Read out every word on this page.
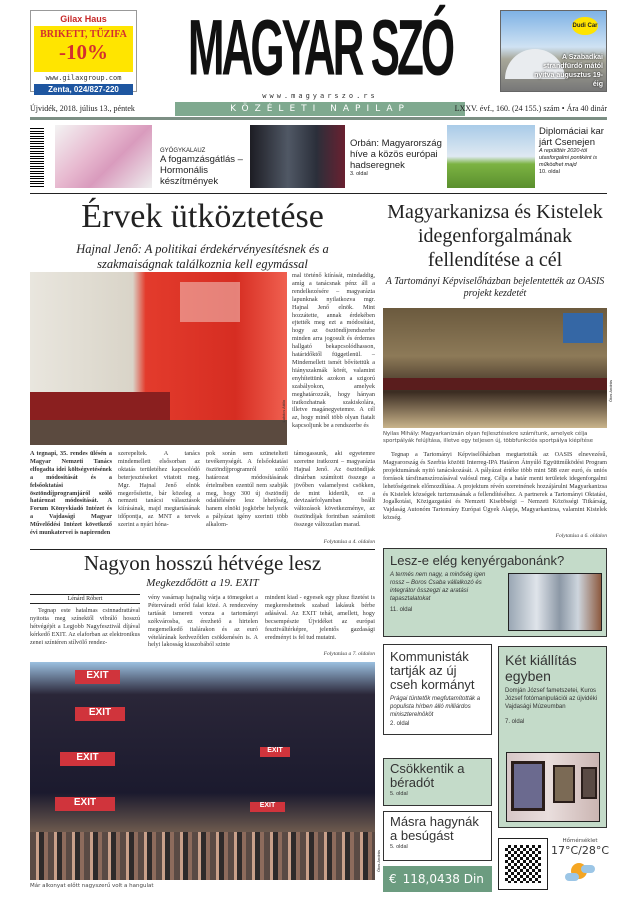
Gilax Haus
BRIKETT, TŰZIFA
-10%
www.gilaxgroup.com
Zenta, 024/827-220	MAGYAR SZÓ	Dudi Car
A Szabadkai strandfürdő mától nyitva augusztus 19-éig
www.magyarszo.rs
Újvidék, 2018. július 13., péntek	KÖZÉLETI NAPILAP	LXXV. évf., 160. (24 155.) szám • Ára 40 dinár
GYÓGYKALAUZ
A fogamzásgátlás – Hormonális készítmények
Orbán: Magyarország híve a közös európai hadseregnek
3. oldal
Diplomáciai kar járt Csenejen
A repülőtér 2020-tól utasforgalmi pontként is működhet majd
10. oldal
Érvek ütköztetése
Hajnal Jenő: A politikai érdekérvényesítésnek és a szakmaiságnak találkoznia kell egymással
Lukács Attila
mal történő kiírását, mindaddig, amíg a tanácsnak pénz áll a rendelkezésére – magyarázta lapunknak nyilatkozva mgr. Hajnal Jenő elnök. Mint hozzátette, annak érdekében ejtették meg ezt a módosítást, hogy az ösztöndíjrendszerbe minden arra jogosult és érdemes hallgató bekapcsolódhasson, határidőktől függetlenül. – Mindemellett ismét bővítettük a hiányszakmák körét, valamint enyhítettünk azokon a szigorú szabályokon, amelyek meghatározzák, hogy hányan iratkozhatnak szakiskolára, illetve magánegyetemre. A cél az, hogy minél több olyan fiatalt kapcsoljunk be a rendszerbe és
A tegnapi, 35. rendes ülésén a Magyar Nemzeti Tanács elfogadta idei költségvetésének a módosítását és a felsőoktatási ösztöndíjprogramjáról szóló határozat módosítását. A Forum Könyvkiadó Intézet és a Vajdasági Magyar Művelődési Intézet következő évi munkatervei is napirenden
szerepeltek. A tanács mindemellett elsősorban az oktatás területéhez kapcsolódó beterjesztéseket vitatott meg. Mgr. Hajnal Jenő elnök megerősítette, bár közeleg a nemzeti tanácsi választások kiírásának, majd megtartásának időpontja, az MNT a tervek szerint a nyári hóna-
pok során sem szünetelteti tevékenységét. A felsőoktatási ösztöndíjprogramról szóló határozat módosításának értelmében ezentúl nem szabják meg, hogy 300 új ösztöndíj odaítélésére lesz lehetőség, hanem elnöki jogkörbe helyezik a pályázat igény szerinti több alkalom-
támogassunk, aki egyetemre szeretne iratkozni – magyarázta Hajnal Jenő. Az ösztöndíjak dinárban számított összege a jövőben valamelyest csökken, de mint kiderült, ez a devizaárfolyamban beállt változások következménye, az ösztöndíjak forintban számított összege változatlan marad.
Folytatása a 4. oldalon
Magyarkanizsa és Kistelek idegenforgalmának fellendítése a cél
A Tartományi Képviselőházban bejelentették az OASIS projekt kezdetét
Ótos András
Nyilas Mihály: Magyarkanizsán olyan fejlesztésekre számítunk, amelyek célja sportpályák felújítása, illetve egy teljesen új, többfunkciós sportpálya kiépítése
Tegnap a Tartományi Képviselőházban megtartották az OASIS elnevezésű, Magyarország és Szerbia közötti Interreg-IPA Határon Átnyúló Együttműködési Program projektumának nyitó tanácskozását. A pályázat értéke több mint 588 ezer euró, és uniós források társfinanszírozásával valósul meg. Célja a határ menti területek idegenforgalmi lehetőségeinek előmozdítása. A projektum révén szeretnének hozzájárulni Magyarkanizsa és Kistelek községek turizmusának a fellendítéséhez. A partnerek a Tartományi Oktatási, Jogalkotási, Közigazgatási és Nemzeti Kisebbségi – Nemzeti Közösségi Titkárság, Vajdaság Autonóm Tartomány Európai Ügyek Alapja, Magyarkanizsa, valamint Kistelek község.
Folytatása a 6. oldalon
Nagyon hosszú hétvége lesz
Megkezdődött a 19. EXIT
Lénárd Róbert
Tegnap este hatalmas csinnadrattával nyitotta meg színektől vibráló hosszú hétvégéjét a Legjobb Nagyfesztivál díjával kérkedő EXIT. Az elaforban az elektronikus zenei színtéren stílvölő rendez-
vény vasárnap hajnalig várja a tömegeket a Péterváradi erőd falai közé. A rendezvény tartását ismereti vonza a tartományi székvárosba, ez érezhető a hirtelen megemelkedő italárakon és az euró vételárának kedvezőtlen csökkenésén is. A helyi lakosság kisszobából szinte
mindent kiad - egyesek egy plusz fizetést is megkereshetnek szabad lakásuk bérbe adásával. Az EXIT tehát, amellett, hogy becsempészte Újvidéket az európai fesztiváltérképre, jelentős gazdasági eredményt is fel tud mutatni.
Folytatása a 7. oldalon
EXIT
EXIT
EXIT
EXIT
EXIT	EXIT
Ótos András
Már alkonyat előtt nagyszerű volt a hangulat
Lesz-e elég kenyérgabonánk?
A termés nem nagy, a minőség igen rossz – Boros Csaba vállalkozó és integrátor összegzi az aratási tapasztalatokat
11. oldal
Kommunisták tartják az új cseh kormányt
Prágai tüntetők megfutamították a populista hírben álló milliárdos miniszterelnököt
2. oldal
Két kiállítás egyben
Domján József fametszetei, Kuros József fotómanipulációi az újvidéki Vajdasági Múzeumban
7. oldal
Csökkentik a béradót
5. oldal
Másra hagynák a besúgást
5. oldal
€ 118,0438 Din ↓
Hőmérséklet
17°C/28°C
